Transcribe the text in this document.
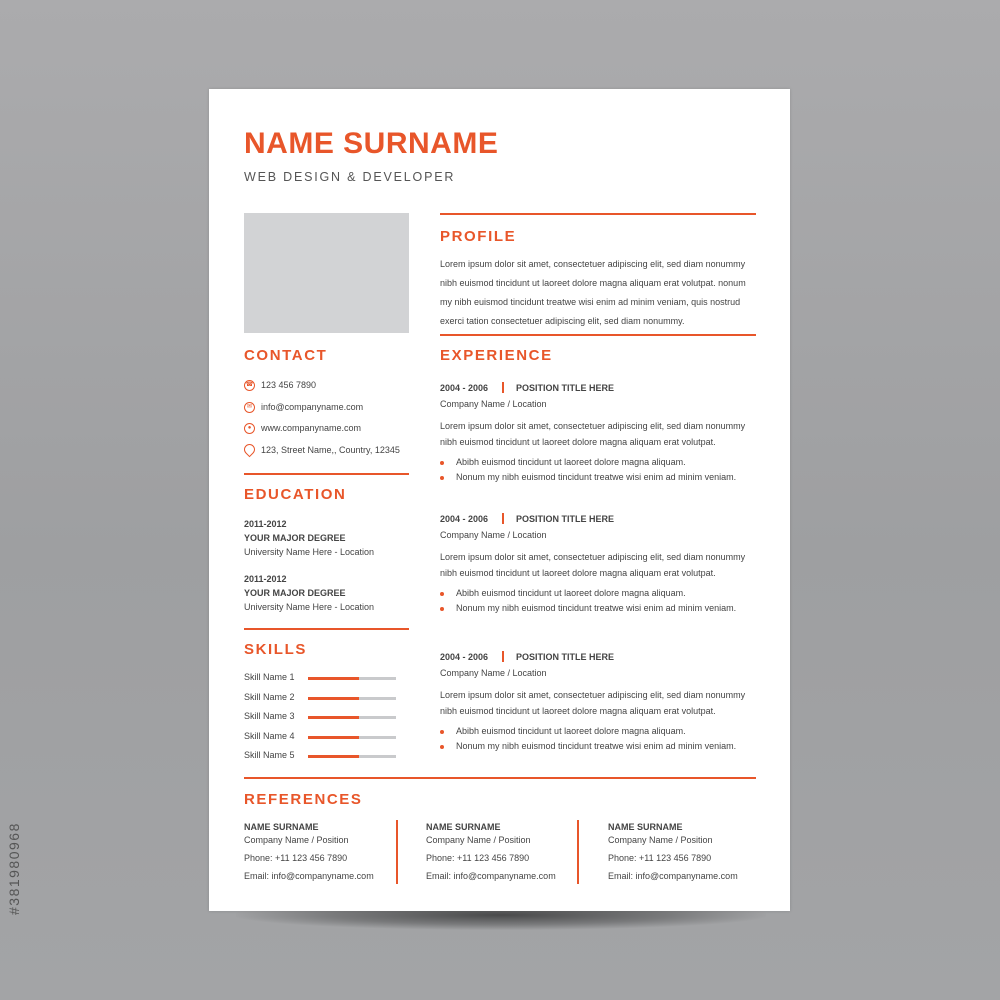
NAME SURNAME
WEB DESIGN & DEVELOPER
PROFILE
Lorem ipsum dolor sit amet, consectetuer adipiscing elit, sed diam nonummy
nibh euismod tincidunt ut laoreet dolore magna aliquam erat volutpat. nonum
my nibh euismod tincidunt treatwe wisi enim ad minim veniam, quis nostrud
exerci tation consectetuer adipiscing elit, sed diam nonummy.
CONTACT
☎ 123 456 7890
✉ info@companyname.com
●	www.companyname.com
123, Street Name,, Country, 12345
EDUCATION
2011-2012
YOUR MAJOR DEGREE
University Name Here - Location
2011-2012
YOUR MAJOR DEGREE
University Name Here - Location
SKILLS
Skill Name 1
Skill Name 2
Skill Name 3
Skill Name 4
Skill Name 5
EXPERIENCE
2004 - 2006	POSITION TITLE HERE
Company Name / Location
Lorem ipsum dolor sit amet, consectetuer adipiscing elit, sed diam nonummy
nibh euismod tincidunt ut laoreet dolore magna aliquam erat volutpat.
Abibh euismod tincidunt ut laoreet dolore magna aliquam.
Nonum my nibh euismod tincidunt treatwe wisi enim ad minim veniam.
2004 - 2006	POSITION TITLE HERE
Company Name / Location
Lorem ipsum dolor sit amet, consectetuer adipiscing elit, sed diam nonummy
nibh euismod tincidunt ut laoreet dolore magna aliquam erat volutpat.
Abibh euismod tincidunt ut laoreet dolore magna aliquam.
Nonum my nibh euismod tincidunt treatwe wisi enim ad minim veniam.
2004 - 2006	POSITION TITLE HERE
Company Name / Location
Lorem ipsum dolor sit amet, consectetuer adipiscing elit, sed diam nonummy
nibh euismod tincidunt ut laoreet dolore magna aliquam erat volutpat.
Abibh euismod tincidunt ut laoreet dolore magna aliquam.
Nonum my nibh euismod tincidunt treatwe wisi enim ad minim veniam.
REFERENCES
NAME SURNAME
Company Name / Position
Phone: +11 123 456 7890
Email: info@companyname.com
NAME SURNAME
Company Name / Position
Phone: +11 123 456 7890
Email: info@companyname.com
NAME SURNAME
Company Name / Position
Phone: +11 123 456 7890
Email: info@companyname.com
#381980968
